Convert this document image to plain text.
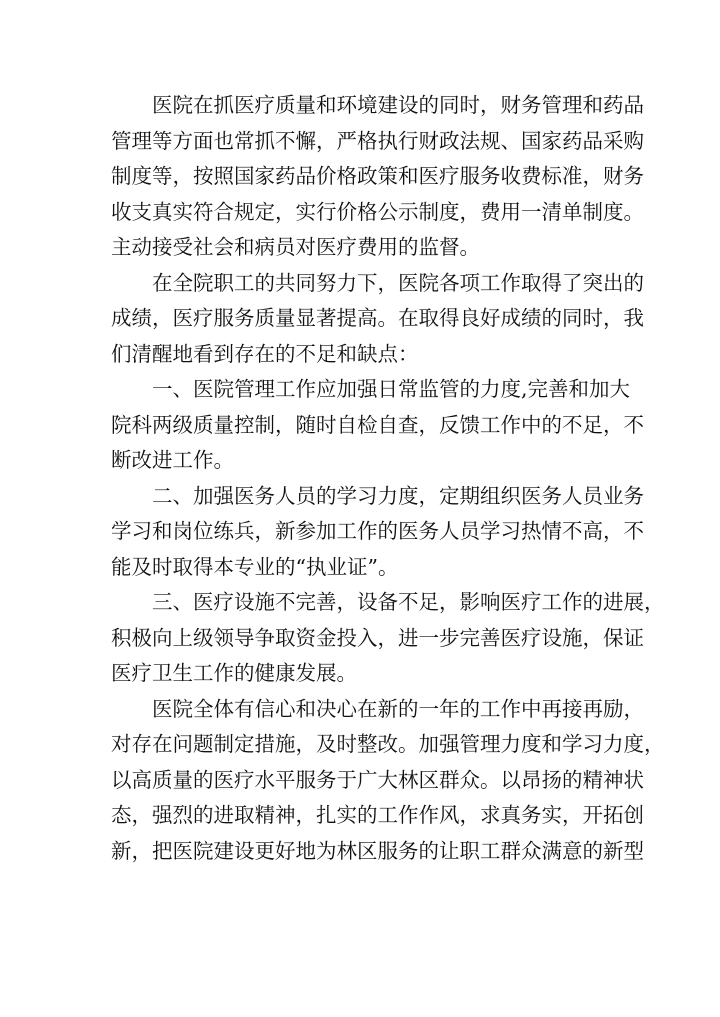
医院在抓医疗质量和环境建设的同时，财务管理和药品
管理等方面也常抓不懈，严格执行财政法规、国家药品采购
制度等，按照国家药品价格政策和医疗服务收费标准，财务
收支真实符合规定，实行价格公示制度，费用一清单制度。
主动接受社会和病员对医疗费用的监督。
在全院职工的共同努力下，医院各项工作取得了突出的
成绩，医疗服务质量显著提高。在取得良好成绩的同时，我
们清醒地看到存在的不足和缺点：
一、医院管理工作应加强日常监管的力度,完善和加大
院科两级质量控制，随时自检自查，反馈工作中的不足，不
断改进工作。
二、加强医务人员的学习力度，定期组织医务人员业务
学习和岗位练兵，新参加工作的医务人员学习热情不高，不
能及时取得本专业的“执业证”。
三、医疗设施不完善，设备不足，影响医疗工作的进展，
积极向上级领导争取资金投入，进一步完善医疗设施，保证
医疗卫生工作的健康发展。
医院全体有信心和决心在新的一年的工作中再接再励，
对存在问题制定措施，及时整改。加强管理力度和学习力度，
以高质量的医疗水平服务于广大林区群众。以昂扬的精神状
态，强烈的进取精神，扎实的工作作风，求真务实，开拓创
新，把医院建设更好地为林区服务的让职工群众满意的新型
